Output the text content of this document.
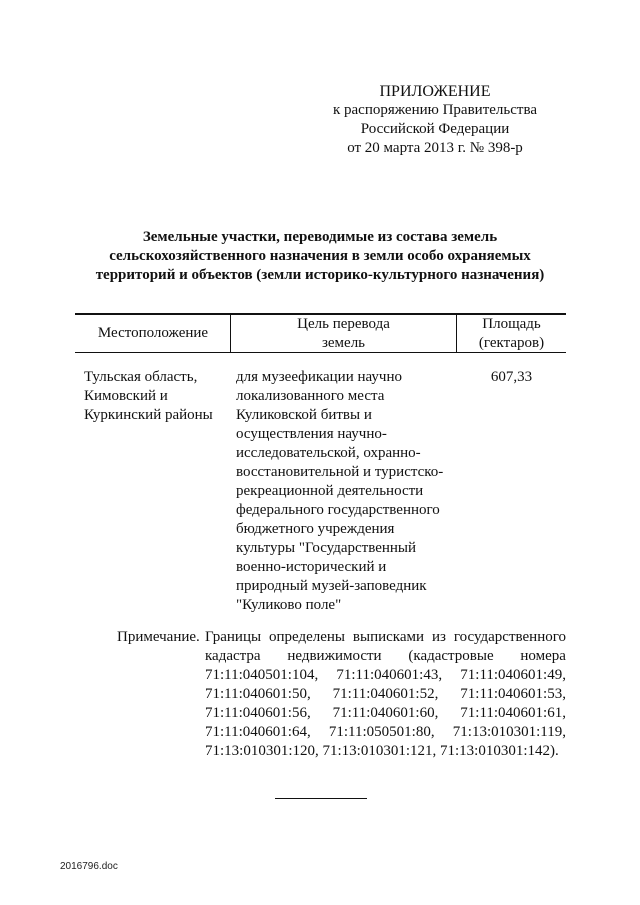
ПРИЛОЖЕНИЕ
к распоряжению Правительства
Российской Федерации
от 20 марта 2013 г. № 398-р
Земельные участки, переводимые из состава земель
сельскохозяйственного назначения в земли особо охраняемых
территорий и объектов (земли историко-культурного назначения)
Местоположение
Цель перевода
земель
Площадь
(гектаров)
Тульская область,
Кимовский и
Куркинский районы
для музеефикации научно
локализованного места
Куликовской битвы и
осуществления научно-
исследовательской, охранно-
восстановительной и туристско-
рекреационной деятельности
федерального государственного
бюджетного учреждения
культуры "Государственный
военно-исторический и
природный музей-заповедник
"Куликово поле"
607,33
Примечание. Границы определены выписками из государственного
кадастра недвижимости (кадастровые номера
71:11:040501:104, 71:11:040601:43, 71:11:040601:49,
71:11:040601:50, 71:11:040601:52, 71:11:040601:53,
71:11:040601:56, 71:11:040601:60, 71:11:040601:61,
71:11:040601:64, 71:11:050501:80, 71:13:010301:119,
71:13:010301:120, 71:13:010301:121, 71:13:010301:142).
2016796.doc
